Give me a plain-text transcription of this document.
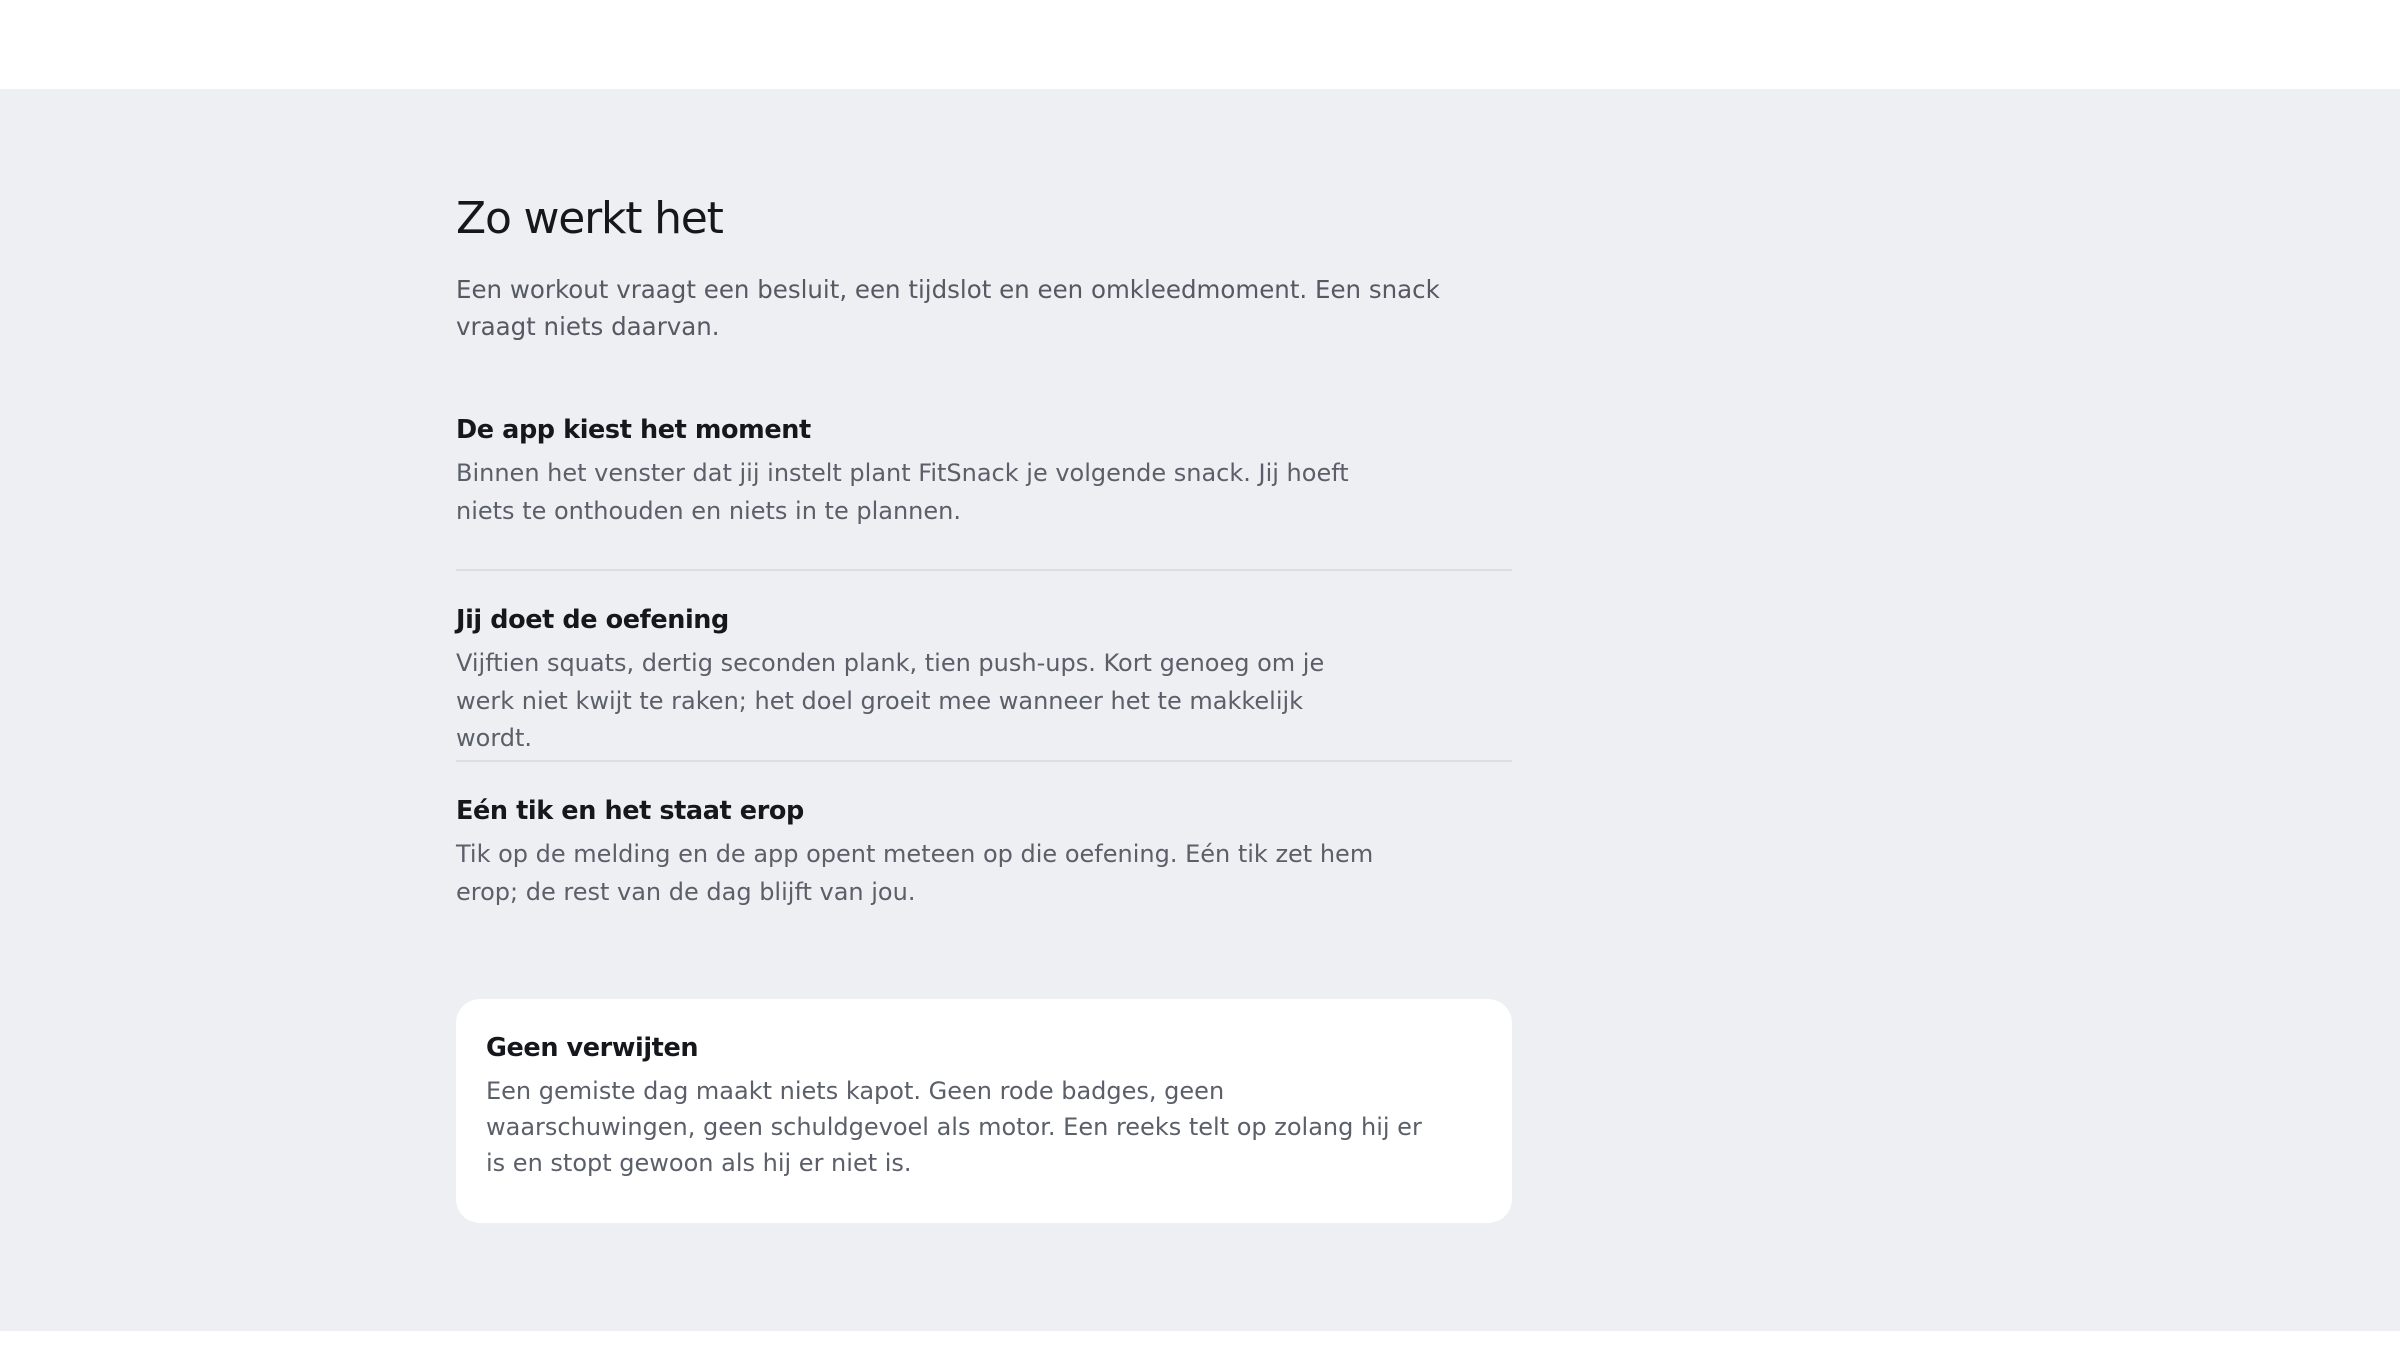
Zo werkt het

Een workout vraagt een besluit, een tijdslot en een omkleedmoment. Een snack vraagt niets daarvan.

De app kiest het moment
Binnen het venster dat jij instelt plant FitSnack je volgende snack. Jij hoeft niets te onthouden en niets in te plannen.
Jij doet de oefening
Vijftien squats, dertig seconden plank, tien push-ups. Kort genoeg om je werk niet kwijt te raken; het doel groeit mee wanneer het te makkelijk wordt.
Eén tik en het staat erop
Tik op de melding en de app opent meteen op die oefening. Eén tik zet hem erop; de rest van de dag blijft van jou.
Geen verwijten
Een gemiste dag maakt niets kapot. Geen rode badges, geen waarschuwingen, geen schuldgevoel als motor. Een reeks telt op zolang hij er is en stopt gewoon als hij er niet is.
